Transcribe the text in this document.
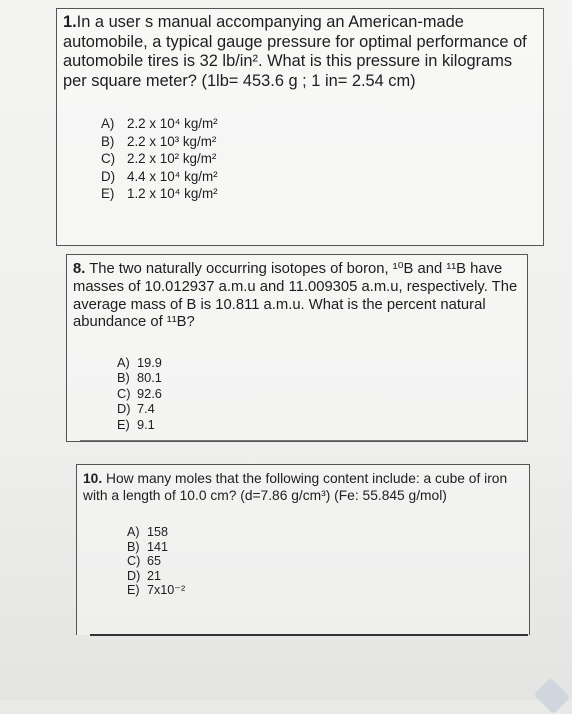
1.In a user s manual accompanying an American-made automobile, a typical gauge pressure for optimal performance of automobile tires is 32 lb/in². What is this pressure in kilograms per square meter? (1lb= 453.6 g ; 1 in= 2.54 cm)
A) 2.2 x 10⁴ kg/m²
B) 2.2 x 10³ kg/m²
C) 2.2 x 10² kg/m²
D) 4.4 x 10⁴ kg/m²
E) 1.2 x 10⁴ kg/m²
8. The two naturally occurring isotopes of boron, ¹⁰B and ¹¹B have masses of 10.012937 a.m.u and 11.009305 a.m.u, respectively. The average mass of B is 10.811 a.m.u. What is the percent natural abundance of ¹¹B?
A) 19.9
B) 80.1
C) 92.6
D) 7.4
E) 9.1
10. How many moles that the following content include: a cube of iron with a length of 10.0 cm? (d=7.86 g/cm³) (Fe: 55.845 g/mol)
A) 158
B) 141
C) 65
D) 21
E) 7x10⁻²
